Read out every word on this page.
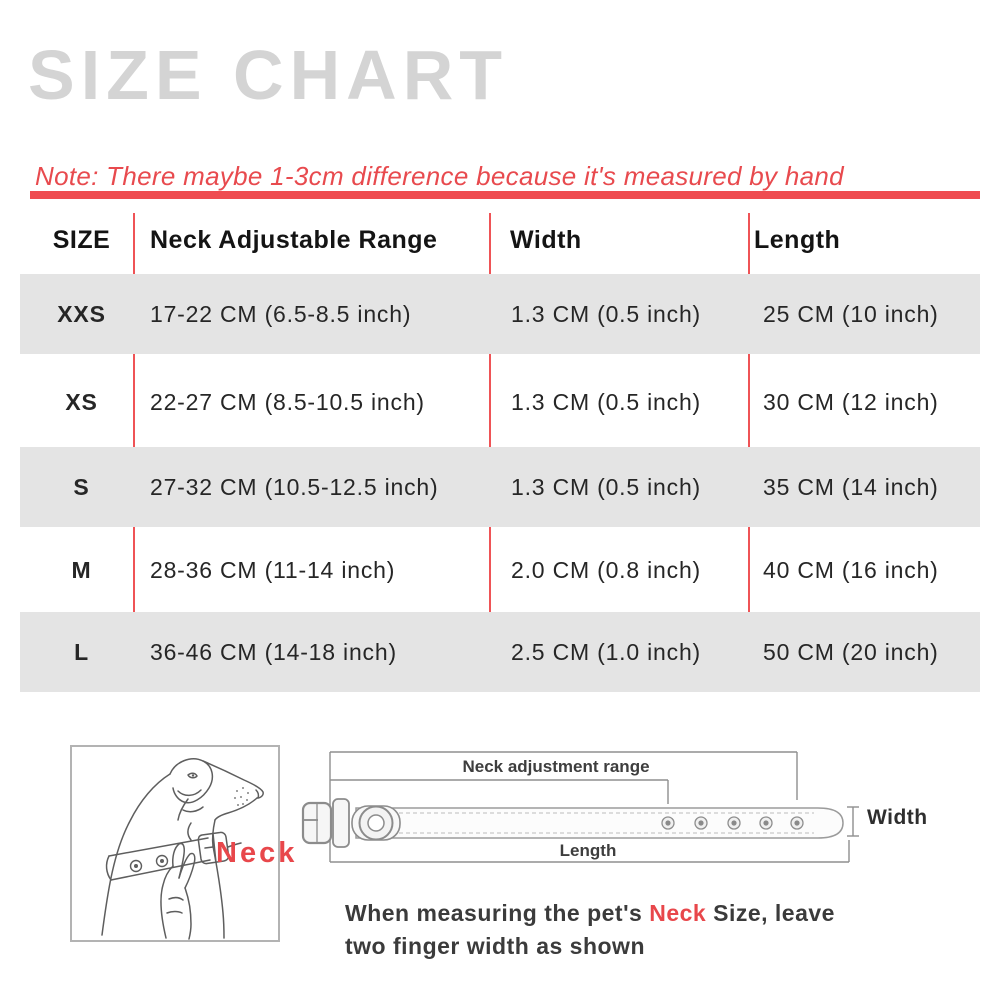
SIZE CHART
Note: There maybe 1-3cm difference because it's measured by hand
SIZE	Neck Adjustable Range	Width	Length
XXS	17-22 CM (6.5-8.5 inch)	1.3 CM (0.5 inch)	25 CM (10 inch)
XS	22-27 CM (8.5-10.5 inch)	1.3 CM (0.5 inch)	30 CM (12 inch)
S	27-32 CM (10.5-12.5 inch)	1.3 CM (0.5 inch)	35 CM (14 inch)
M	28-36 CM (11-14 inch)	2.0 CM (0.8 inch)	40 CM (16 inch)
L	36-46 CM (14-18 inch)	2.5 CM (1.0 inch)	50 CM (20 inch)
Neck
Neck adjustment range
Length
Width
When measuring the pet's Neck Size, leave
two finger width as shown
